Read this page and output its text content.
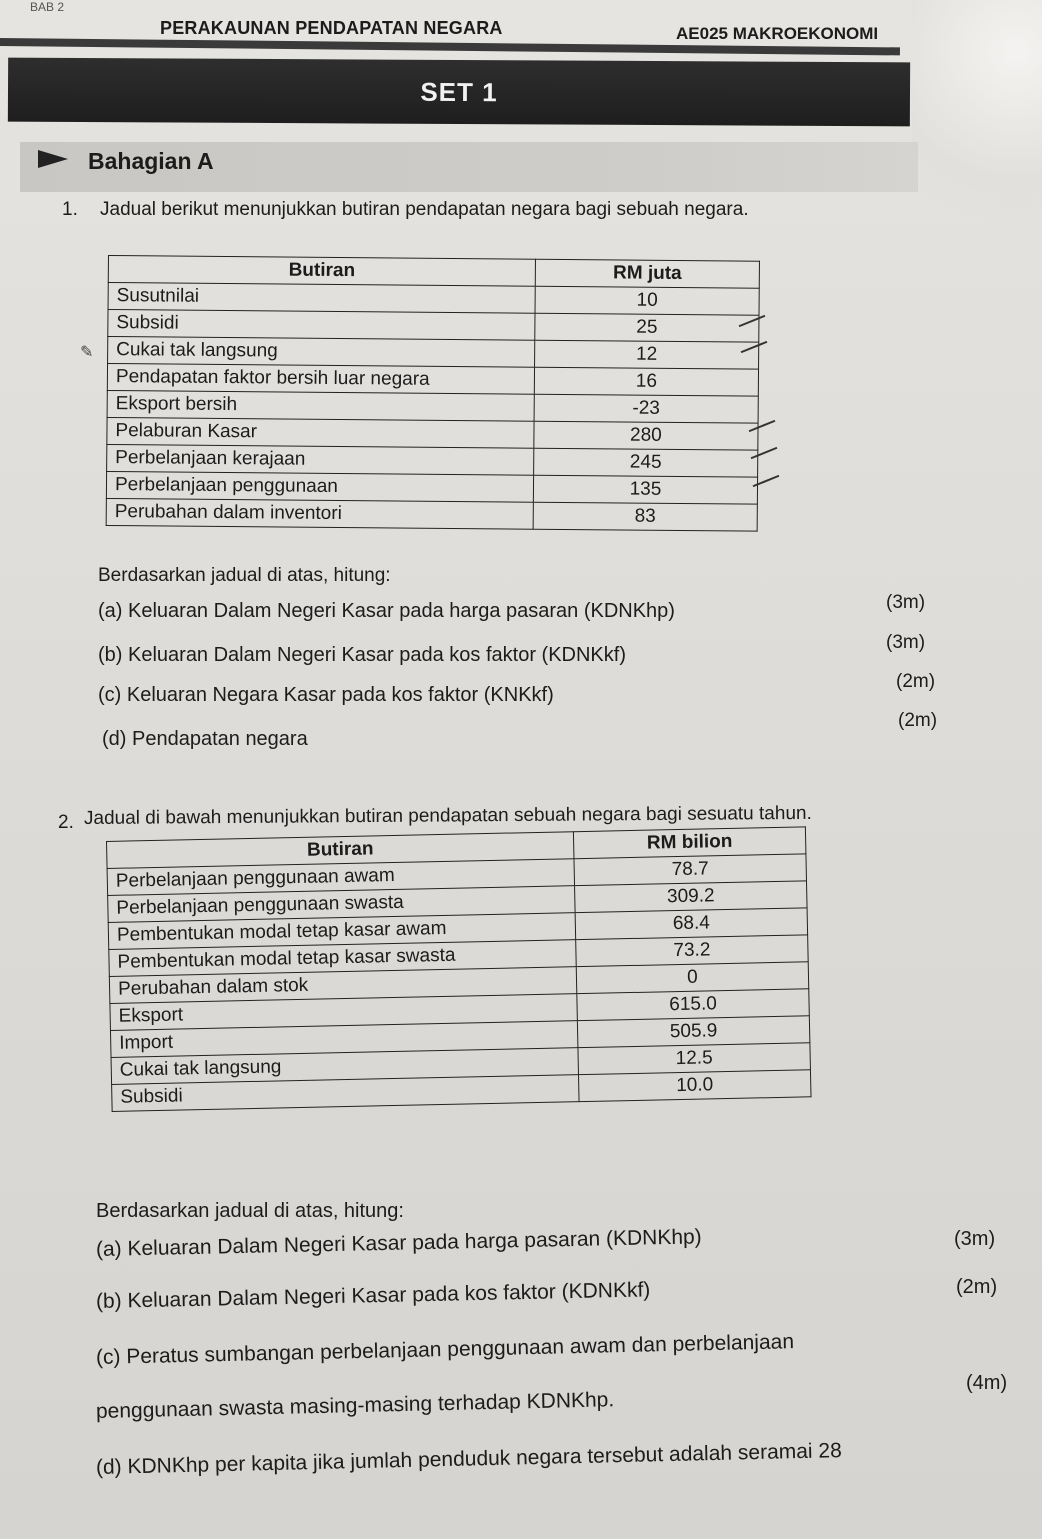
BAB 2
PERAKAUNAN PENDAPATAN NEGARA	AE025 MAKROEKONOMI
SET 1
Bahagian A
1. Jadual berikut menunjukkan butiran pendapatan negara bagi sebuah negara.
✎
Butiran	RM juta
Susutnilai	10
Subsidi	25
Cukai tak langsung	12
Pendapatan faktor bersih luar negara	16
Eksport bersih	-23
Pelaburan Kasar	280
Perbelanjaan kerajaan	245
Perbelanjaan penggunaan	135
Perubahan dalam inventori	83
Berdasarkan jadual di atas, hitung:
(a) Keluaran Dalam Negeri Kasar pada harga pasaran (KDNKhp)	(3m)
(b) Keluaran Dalam Negeri Kasar pada kos faktor (KDNKkf)
(3m)
(c) Keluaran Negara Kasar pada kos faktor (KNKkf)
(2m)
(d) Pendapatan negara
(2m)
2. Jadual di bawah menunjukkan butiran pendapatan sebuah negara bagi sesuatu tahun.
Butiran	RM bilion
Perbelanjaan penggunaan awam	78.7
Perbelanjaan penggunaan swasta	309.2
Pembentukan modal tetap kasar awam	68.4
Pembentukan modal tetap kasar swasta	73.2
Perubahan dalam stok	0
Eksport	615.0
Import	505.9
Cukai tak langsung	12.5
Subsidi	10.0
Berdasarkan jadual di atas, hitung:
(a) Keluaran Dalam Negeri Kasar pada harga pasaran (KDNKhp)	(3m)
(b) Keluaran Dalam Negeri Kasar pada kos faktor (KDNKkf)	(2m)
(c) Peratus sumbangan perbelanjaan penggunaan awam dan perbelanjaan
penggunaan swasta masing-masing terhadap KDNKhp.
(4m)
(d) KDNKhp per kapita jika jumlah penduduk negara tersebut adalah seramai 28
